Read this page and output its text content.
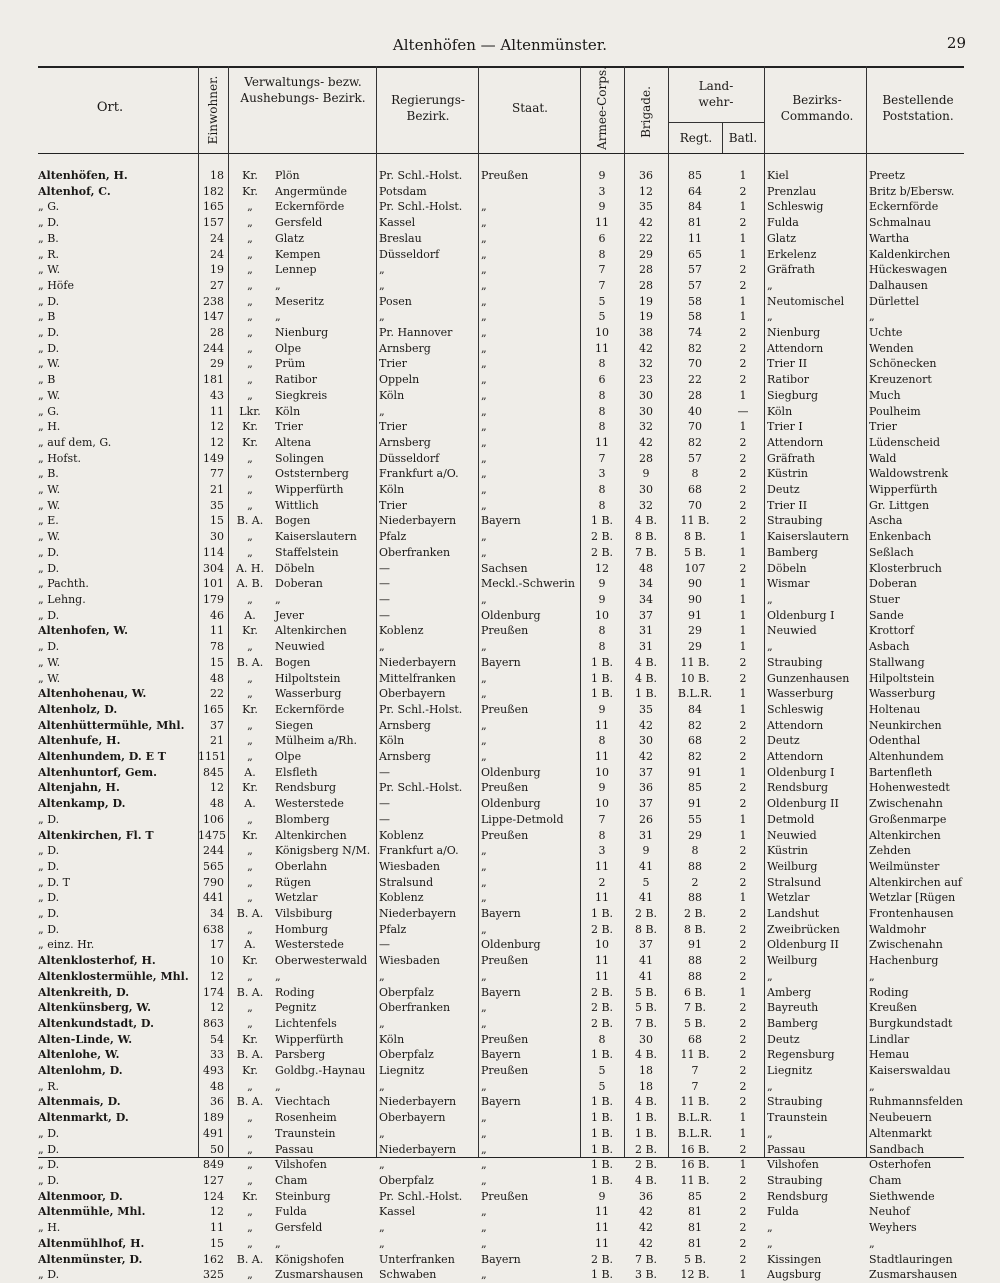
Altenhöfen — Altenmünster.	29
Ort.	Einwohner.	Verwaltungs- bezw. Aushebungs- Bezirk.	Regierungs- Bezirk.
Staat.	Armee-Corps.	Brigade.
Land- wehr-
Regt.	Batl.
Bezirks- Commando.
Bestellende Poststation.
Altenhöfen, H.	18	Kr.	Plön	Pr. Schl.-Holst.	Preußen	9	36	85	1	Kiel	Preetz
Altenhof, C.	182	Kr.	Angermünde	Potsdam		3	12	64	2	Prenzlau	Britz b/Ebersw.
„ G.	165	„	Eckernförde	Pr. Schl.-Holst.	„	9	35	84	1	Schleswig	Eckernförde
„ D.	157	„	Gersfeld	Kassel	„	11	42	81	2	Fulda	Schmalnau
„ B.	24	„	Glatz	Breslau	„	6	22	11	1	Glatz	Wartha
„ R.	24	„	Kempen	Düsseldorf	„	8	29	65	1	Erkelenz	Kaldenkirchen
„ W.	19	„	Lennep	„	„	7	28	57	2	Gräfrath	Hückeswagen
„ Höfe	27	„	„	„	„	7	28	57	2	„	Dalhausen
„ D.	238	„	Meseritz	Posen	„	5	19	58	1	Neutomischel	Dürlettel
„ B	147	„	„	„	„	5	19	58	1	„	„
„ D.	28	„	Nienburg	Pr. Hannover	„	10	38	74	2	Nienburg	Uchte
„ D.	244	„	Olpe	Arnsberg	„	11	42	82	2	Attendorn	Wenden
„ W.	29	„	Prüm	Trier	„	8	32	70	2	Trier II	Schönecken
„ B	181	„	Ratibor	Oppeln	„	6	23	22	2	Ratibor	Kreuzenort
„ W.	43	„	Siegkreis	Köln	„	8	30	28	1	Siegburg	Much
„ G.	11	Lkr.	Köln	„	„	8	30	40	—	Köln	Poulheim
„ H.	12	Kr.	Trier	Trier	„	8	32	70	1	Trier I	Trier
„ auf dem, G.	12	Kr.	Altena	Arnsberg	„	11	42	82	2	Attendorn	Lüdenscheid
„ Hofst.	149	„	Solingen	Düsseldorf	„	7	28	57	2	Gräfrath	Wald
„ B.	77	„	Oststernberg	Frankfurt a/O.	„	3	9	8	2	Küstrin	Waldowstrenk
„ W.	21	„	Wipperfürth	Köln	„	8	30	68	2	Deutz	Wipperfürth
„ W.	35	„	Wittlich	Trier	„	8	32	70	2	Trier II	Gr. Littgen
„ E.	15	B. A.	Bogen	Niederbayern	Bayern	1 B.	4 B.	11 B.	2	Straubing	Ascha
„ W.	30	„	Kaiserslautern	Pfalz	„	2 B.	8 B.	8 B.	1	Kaiserslautern	Enkenbach
„ D.	114	„	Staffelstein	Oberfranken	„	2 B.	7 B.	5 B.	1	Bamberg	Seßlach
„ D.	304	A. H.	Döbeln	—	Sachsen	12	48	107	2	Döbeln	Klosterbruch
„ Pachth.	101	A. B.	Doberan	—	Meckl.-Schwerin	9	34	90	1	Wismar	Doberan
„ Lehng.	179	„	„	—	„	9	34	90	1	„	Stuer
„ D.	46	A.	Jever	—	Oldenburg	10	37	91	1	Oldenburg I	Sande
Altenhofen, W.	11	Kr.	Altenkirchen	Koblenz	Preußen	8	31	29	1	Neuwied	Krottorf
„ D.	78	„	Neuwied	„	„	8	31	29	1	„	Asbach
„ W.	15	B. A.	Bogen	Niederbayern	Bayern	1 B.	4 B.	11 B.	2	Straubing	Stallwang
„ W.	48	„	Hilpoltstein	Mittelfranken	„	1 B.	4 B.	10 B.	2	Gunzenhausen	Hilpoltstein
Altenhohenau, W.	22	„	Wasserburg	Oberbayern	„	1 B.	1 B.	B.L.R.	1	Wasserburg	Wasserburg
Altenholz, D.	165	Kr.	Eckernförde	Pr. Schl.-Holst.	Preußen	9	35	84	1	Schleswig	Holtenau
Altenhüttermühle, Mhl.	37	„	Siegen	Arnsberg	„	11	42	82	2	Attendorn	Neunkirchen
Altenhufe, H.	21	„	Mülheim a/Rh.	Köln	„	8	30	68	2	Deutz	Odenthal
Altenhundem, D. E T	1151	„	Olpe	Arnsberg	„	11	42	82	2	Attendorn	Altenhundem
Altenhuntorf, Gem.	845	A.	Elsfleth	—	Oldenburg	10	37	91	1	Oldenburg I	Bartenfleth
Altenjahn, H.	12	Kr.	Rendsburg	Pr. Schl.-Holst.	Preußen	9	36	85	2	Rendsburg	Hohenwestedt
Altenkamp, D.	48	A.	Westerstede	—	Oldenburg	10	37	91	2	Oldenburg II	Zwischenahn
„ D.	106	„	Blomberg	—	Lippe-Detmold	7	26	55	1	Detmold	Großenmarpe
Altenkirchen, Fl. T	1475	Kr.	Altenkirchen	Koblenz	Preußen	8	31	29	1	Neuwied	Altenkirchen
„ D.	244	„	Königsberg N/M.	Frankfurt a/O.	„	3	9	8	2	Küstrin	Zehden
„ D.	565	„	Oberlahn	Wiesbaden	„	11	41	88	2	Weilburg	Weilmünster
„ D. T	790	„	Rügen	Stralsund	„	2	5	2	2	Stralsund	Altenkirchen auf
„ D.	441	„	Wetzlar	Koblenz	„	11	41	88	1	Wetzlar	Wetzlar [Rügen
„ D.	34	B. A.	Vilsbiburg	Niederbayern	Bayern	1 B.	2 B.	2 B.	2	Landshut	Frontenhausen
„ D.	638	„	Homburg	Pfalz	„	2 B.	8 B.	8 B.	2	Zweibrücken	Waldmohr
„ einz. Hr.	17	A.	Westerstede	—	Oldenburg	10	37	91	2	Oldenburg II	Zwischenahn
Altenklosterhof, H.	10	Kr.	Oberwesterwald	Wiesbaden	Preußen	11	41	88	2	Weilburg	Hachenburg
Altenklostermühle, Mhl.	12	„	„	„	„	11	41	88	2	„	„
Altenkreith, D.	174	B. A.	Roding	Oberpfalz	Bayern	2 B.	5 B.	6 B.	1	Amberg	Roding
Altenkünsberg, W.	12	„	Pegnitz	Oberfranken	„	2 B.	5 B.	7 B.	2	Bayreuth	Kreußen
Altenkundstadt, D.	863	„	Lichtenfels	„	„	2 B.	7 B.	5 B.	2	Bamberg	Burgkundstadt
Alten-Linde, W.	54	Kr.	Wipperfürth	Köln	Preußen	8	30	68	2	Deutz	Lindlar
Altenlohe, W.	33	B. A.	Parsberg	Oberpfalz	Bayern	1 B.	4 B.	11 B.	2	Regensburg	Hemau
Altenlohm, D.	493	Kr.	Goldbg.-Haynau	Liegnitz	Preußen	5	18	7	2	Liegnitz	Kaiserswaldau
„ R.	48	„	„	„	„	5	18	7	2	„	„
Altenmais, D.	36	B. A.	Viechtach	Niederbayern	Bayern	1 B.	4 B.	11 B.	2	Straubing	Ruhmannsfelden
Altenmarkt, D.	189	„	Rosenheim	Oberbayern	„	1 B.	1 B.	B.L.R.	1	Traunstein	Neubeuern
„ D.	491	„	Traunstein	„	„	1 B.	1 B.	B.L.R.	1	„	Altenmarkt
„ D.	50	„	Passau	Niederbayern	„	1 B.	2 B.	16 B.	2	Passau	Sandbach
„ D.	849	„	Vilshofen	„	„	1 B.	2 B.	16 B.	1	Vilshofen	Osterhofen
„ D.	127	„	Cham	Oberpfalz	„	1 B.	4 B.	11 B.	2	Straubing	Cham
Altenmoor, D.	124	Kr.	Steinburg	Pr. Schl.-Holst.	Preußen	9	36	85	2	Rendsburg	Siethwende
Altenmühle, Mhl.	12	„	Fulda	Kassel	„	11	42	81	2	Fulda	Neuhof
„ H.	11	„	Gersfeld	„	„	11	42	81	2	„	Weyhers
Altenmühlhof, H.	15	„	„	„	„	11	42	81	2	„	„
Altenmünster, D.	162	B. A.	Königshofen	Unterfranken	Bayern	2 B.	7 B.	5 B.	2	Kissingen	Stadtlauringen
„ D.	325	„	Zusmarshausen	Schwaben	„	1 B.	3 B.	12 B.	1	Augsburg	Zusmarshausen
